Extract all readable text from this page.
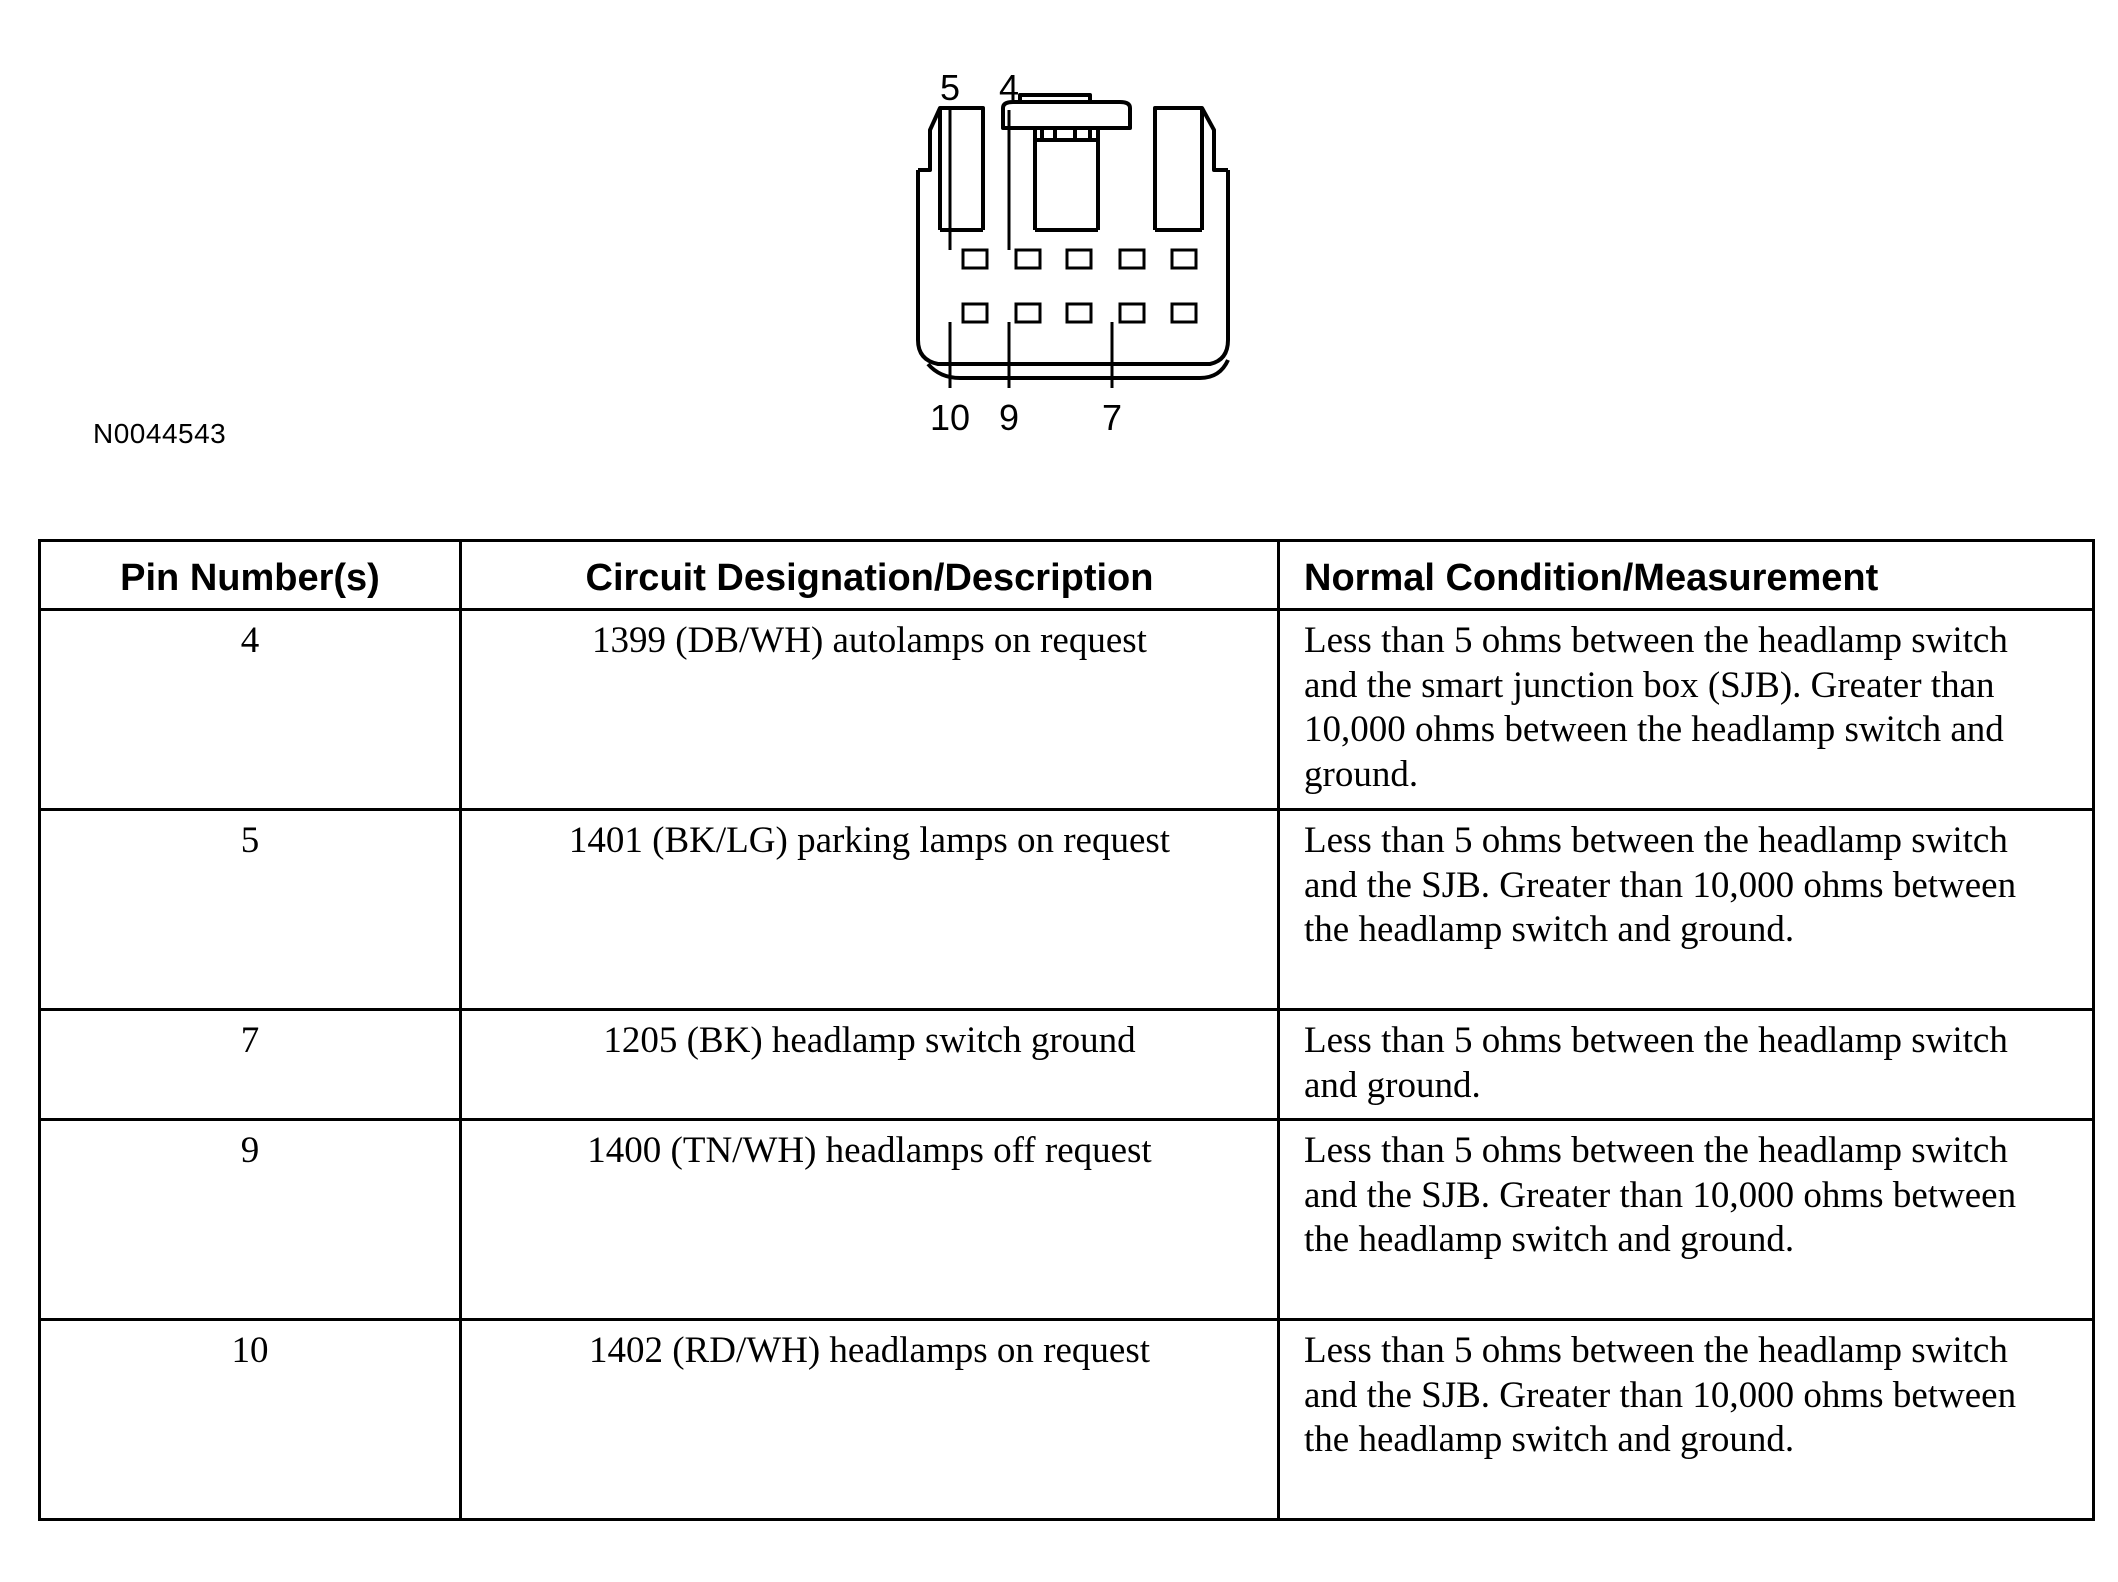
N0044543
5 4
10 9 7
Pin Number(s)	Circuit Designation/Description	Normal Condition/Measurement
4	1399 (DB/WH) autolamps on request	Less than 5 ohms between the headlamp switch and the smart junction box (SJB). Greater than 10,000 ohms between the headlamp switch and ground.
5	1401 (BK/LG) parking lamps on request	Less than 5 ohms between the headlamp switch and the SJB. Greater than 10,000 ohms between the headlamp switch and ground.
7	1205 (BK) headlamp switch ground	Less than 5 ohms between the headlamp switch and ground.
9	1400 (TN/WH) headlamps off request	Less than 5 ohms between the headlamp switch and the SJB. Greater than 10,000 ohms between the headlamp switch and ground.
10	1402 (RD/WH) headlamps on request	Less than 5 ohms between the headlamp switch and the SJB. Greater than 10,000 ohms between the headlamp switch and ground.
